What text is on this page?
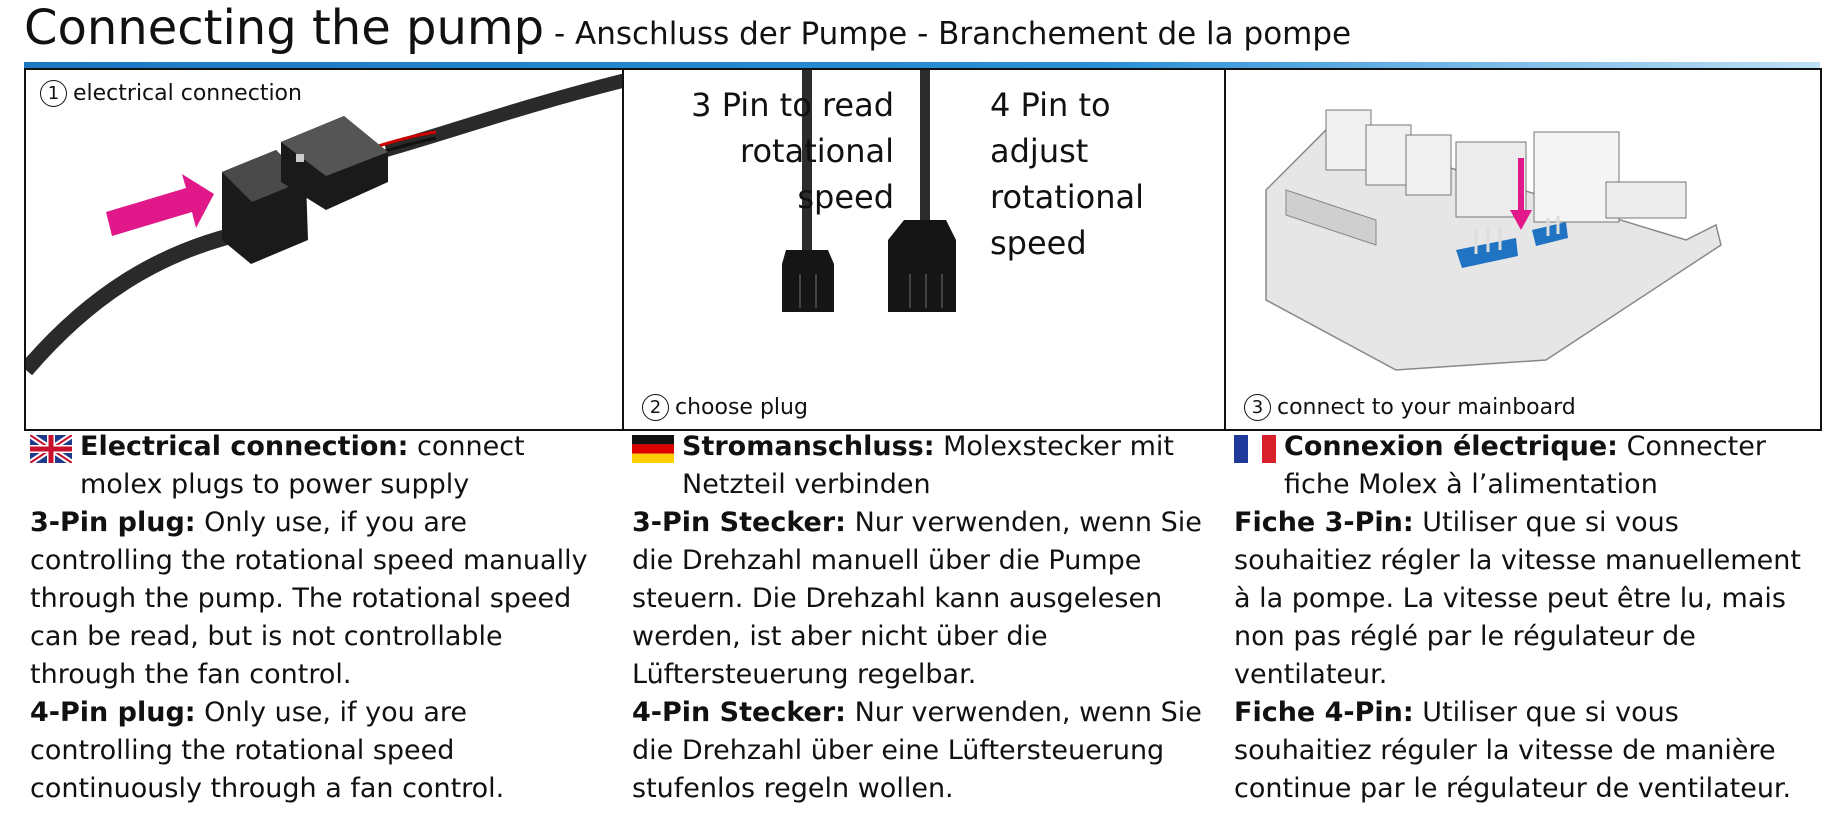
Connecting the pump - Anschluss der Pumpe - Branchement de la pompe
1 electrical connection	3 Pin to read
rotational
speed
4 Pin to
adjust
rotational
speed
2 choose plug	3 connect to your mainboard
Electrical connection: connect molex plugs to power supply
3-Pin plug: Only use, if you are controlling the rotational speed manually through the pump. The rotational speed can be read, but is not controllable through the fan control.
4-Pin plug: Only use, if you are controlling the rotational speed continuously through a fan control.
Stromanschluss: Molexstecker mit Netzteil verbinden
3-Pin Stecker: Nur verwenden, wenn Sie die Drehzahl manuell über die Pumpe steuern. Die Drehzahl kann ausgelesen werden, ist aber nicht über die Lüftersteuerung regelbar.
4-Pin Stecker: Nur verwenden, wenn Sie die Drehzahl über eine Lüftersteuerung stufenlos regeln wollen.
Connexion électrique: Connecter fiche Molex à l’alimentation
Fiche 3-Pin: Utiliser que si vous souhaitiez régler la vitesse manuellement à la pompe. La vitesse peut être lu, mais non pas réglé par le régulateur de ventilateur.
Fiche 4-Pin: Utiliser que si vous souhaitiez réguler la vitesse de manière continue par le régulateur de ventilateur.
